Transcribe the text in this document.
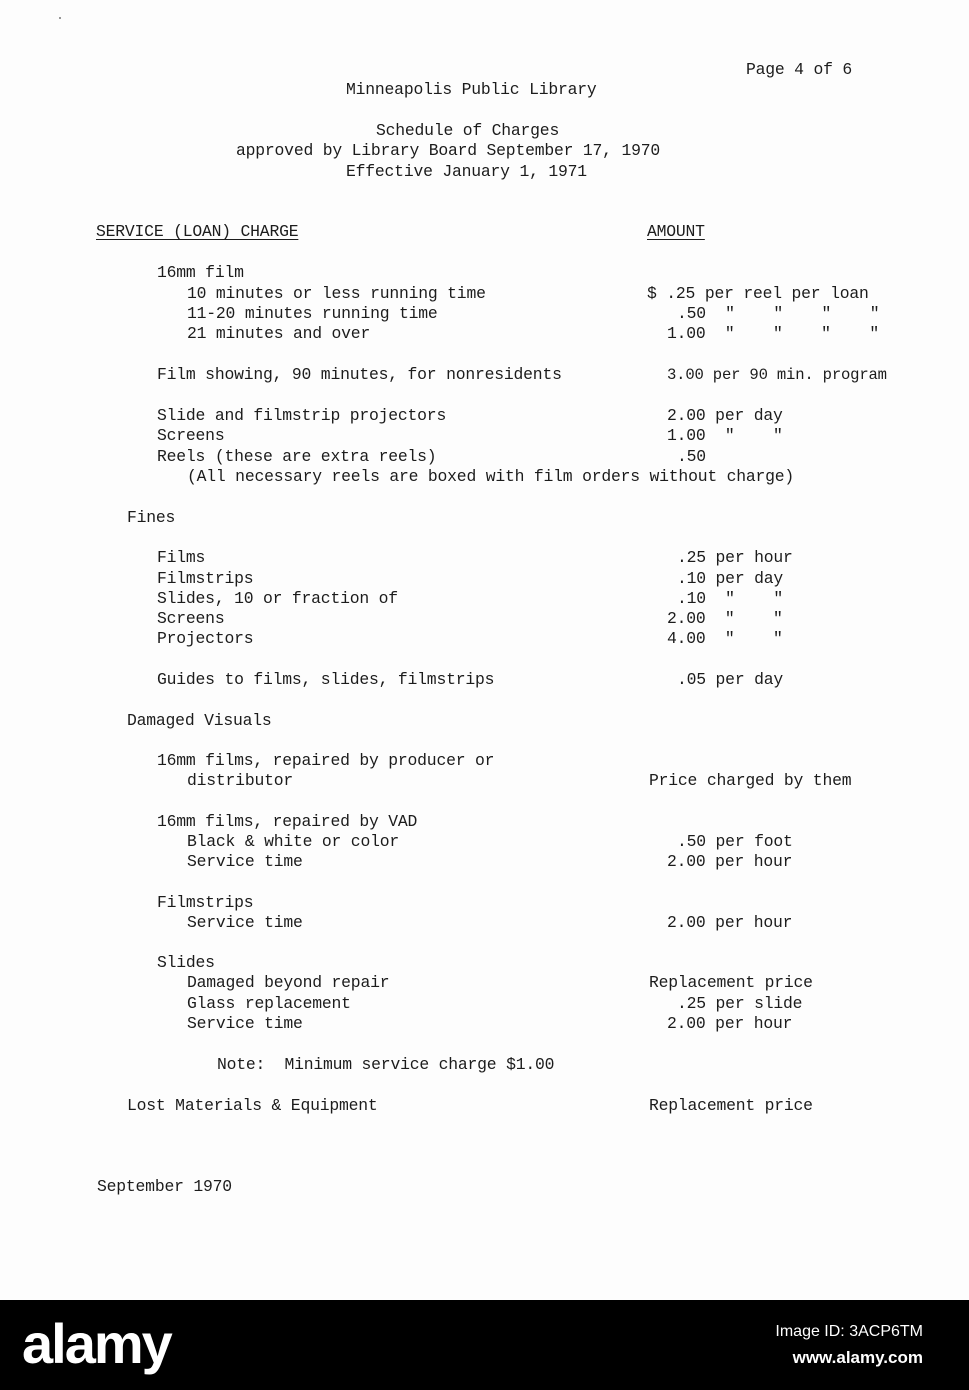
Page 4 of 6
Minneapolis Public Library
Schedule of Charges
approved by Library Board September 17, 1970
Effective January 1, 1971
SERVICE (LOAN) CHARGE	AMOUNT
16mm film
10 minutes or less running time	$ .25 per reel per loan
11-20 minutes running time	.50  "    "    "    "
21 minutes and over	1.00  "    "    "    "
Film showing, 90 minutes, for nonresidents	3.00 per 90 min. program
Slide and filmstrip projectors	2.00 per day
Screens	1.00  "    "
Reels (these are extra reels)	.50
(All necessary reels are boxed with film orders without charge)
Fines
Films	.25 per hour
Filmstrips	.10 per day
Slides, 10 or fraction of	.10  "    "
Screens	2.00  "    "
Projectors	4.00  "    "
Guides to films, slides, filmstrips	.05 per day
Damaged Visuals
16mm films, repaired by producer or
distributor	Price charged by them
16mm films, repaired by VAD
Black & white or color	.50 per foot
Service time	2.00 per hour
Filmstrips
Service time	2.00 per hour
Slides
Damaged beyond repair	Replacement price
Glass replacement	.25 per slide
Service time	2.00 per hour
Note:  Minimum service charge $1.00
Lost Materials & Equipment	Replacement price
September 1970
alamy	Image ID: 3ACP6TM
www.alamy.com
